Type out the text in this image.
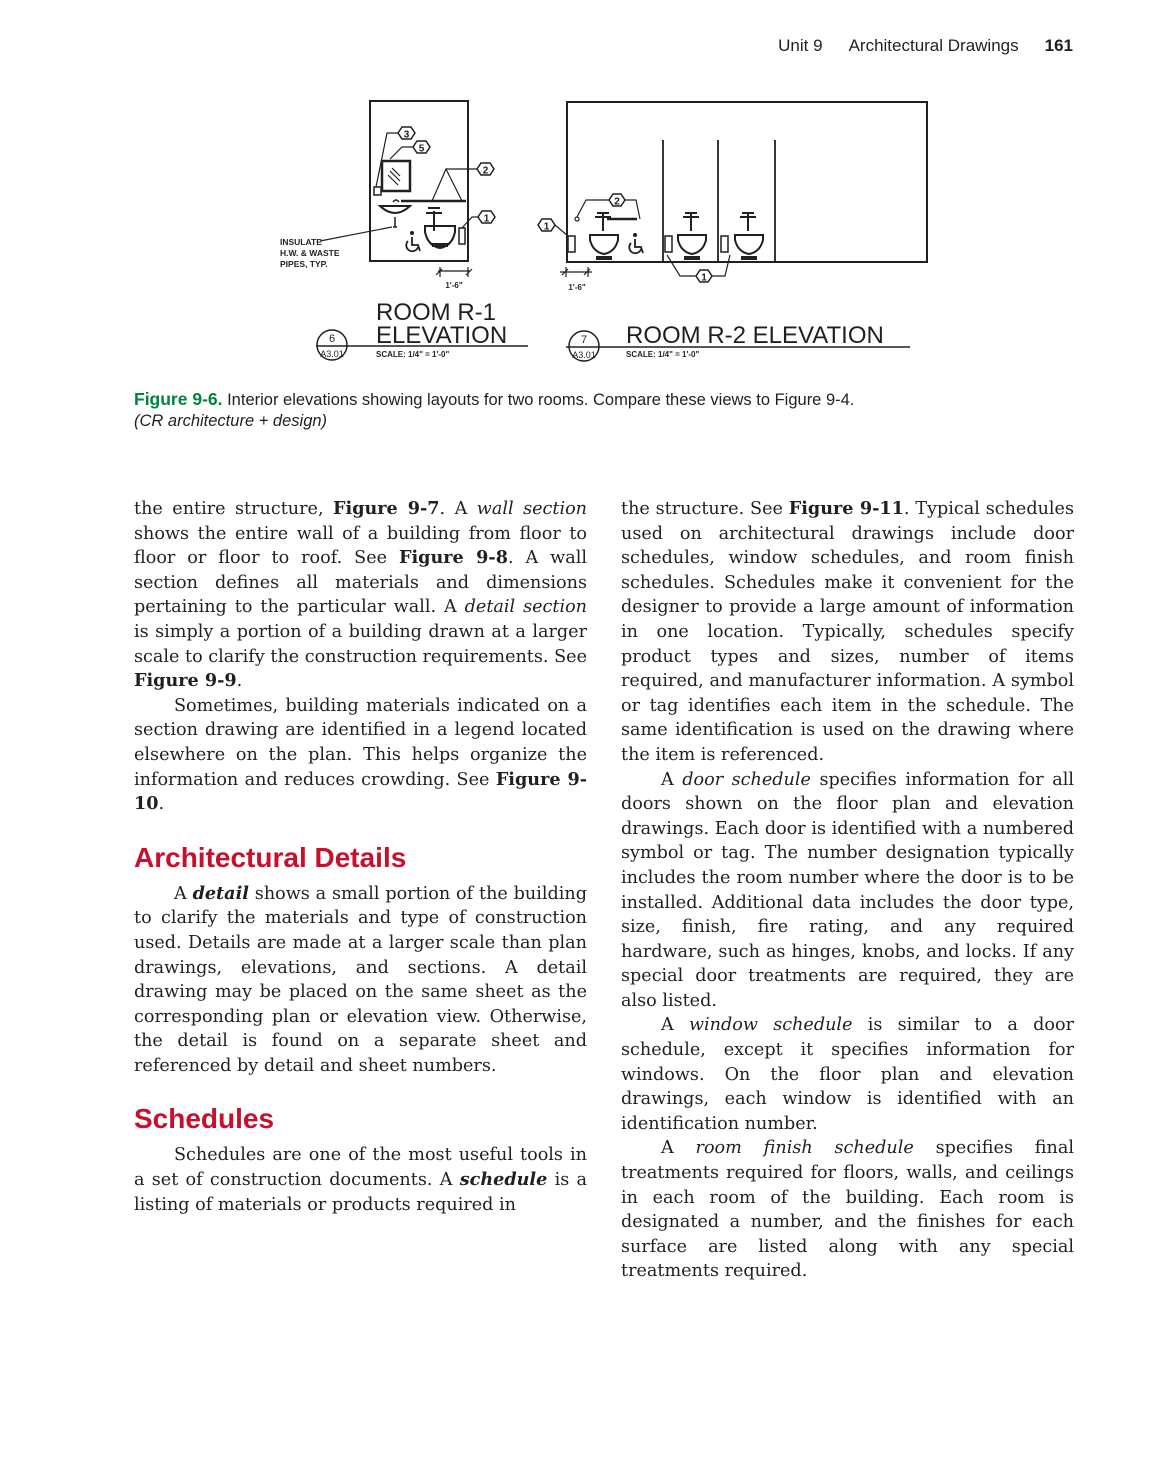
Unit 9 Architectural Drawings 161
3
5
2
1
1'-6"
INSULATE
H.W. & WASTE
PIPES, TYP.
ROOM R-1
ELEVATION
SCALE: 1/4" = 1'-0"
6
A3.01
2
1
1
1'-6"
ROOM R-2 ELEVATION
SCALE: 1/4" = 1'-0"
7
A3.01
Figure 9-6. Interior elevations showing layouts for two rooms. Compare these views to Figure 9-4.
(CR architecture + design)

the entire structure, Figure 9-7. A wall section shows the entire wall of a building from floor to floor or floor to roof. See Figure 9-8. A wall section defines all materials and dimensions pertaining to the particular wall. A detail section is simply a portion of a building drawn at a larger scale to clarify the construction requirements. See Figure 9-9.

Sometimes, building materials indicated on a section drawing are identified in a legend located elsewhere on the plan. This helps organize the information and reduces crowding. See Figure 9-10.

Architectural Details

A detail shows a small portion of the building to clarify the materials and type of construction used. Details are made at a larger scale than plan drawings, elevations, and sections. A detail drawing may be placed on the same sheet as the corresponding plan or elevation view. Otherwise, the detail is found on a separate sheet and referenced by detail and sheet numbers.

Schedules

Schedules are one of the most useful tools in a set of construction documents. A schedule is a listing of materials or products required in

the structure. See Figure 9-11. Typical schedules used on architectural drawings include door schedules, window schedules, and room finish schedules. Schedules make it convenient for the designer to provide a large amount of information in one location. Typically, schedules specify product types and sizes, number of items required, and manufacturer information. A symbol or tag identifies each item in the schedule. The same identification is used on the drawing where the item is referenced.

A door schedule specifies information for all doors shown on the floor plan and elevation drawings. Each door is identified with a numbered symbol or tag. The number designation typically includes the room number where the door is to be installed. Additional data includes the door type, size, finish, fire rating, and any required hardware, such as hinges, knobs, and locks. If any special door treatments are required, they are also listed.

A window schedule is similar to a door schedule, except it specifies information for windows. On the floor plan and elevation drawings, each window is identified with an identification number.

A room finish schedule specifies final treatments required for floors, walls, and ceilings in each room of the building. Each room is designated a number, and the finishes for each surface are listed along with any special treatments required.
